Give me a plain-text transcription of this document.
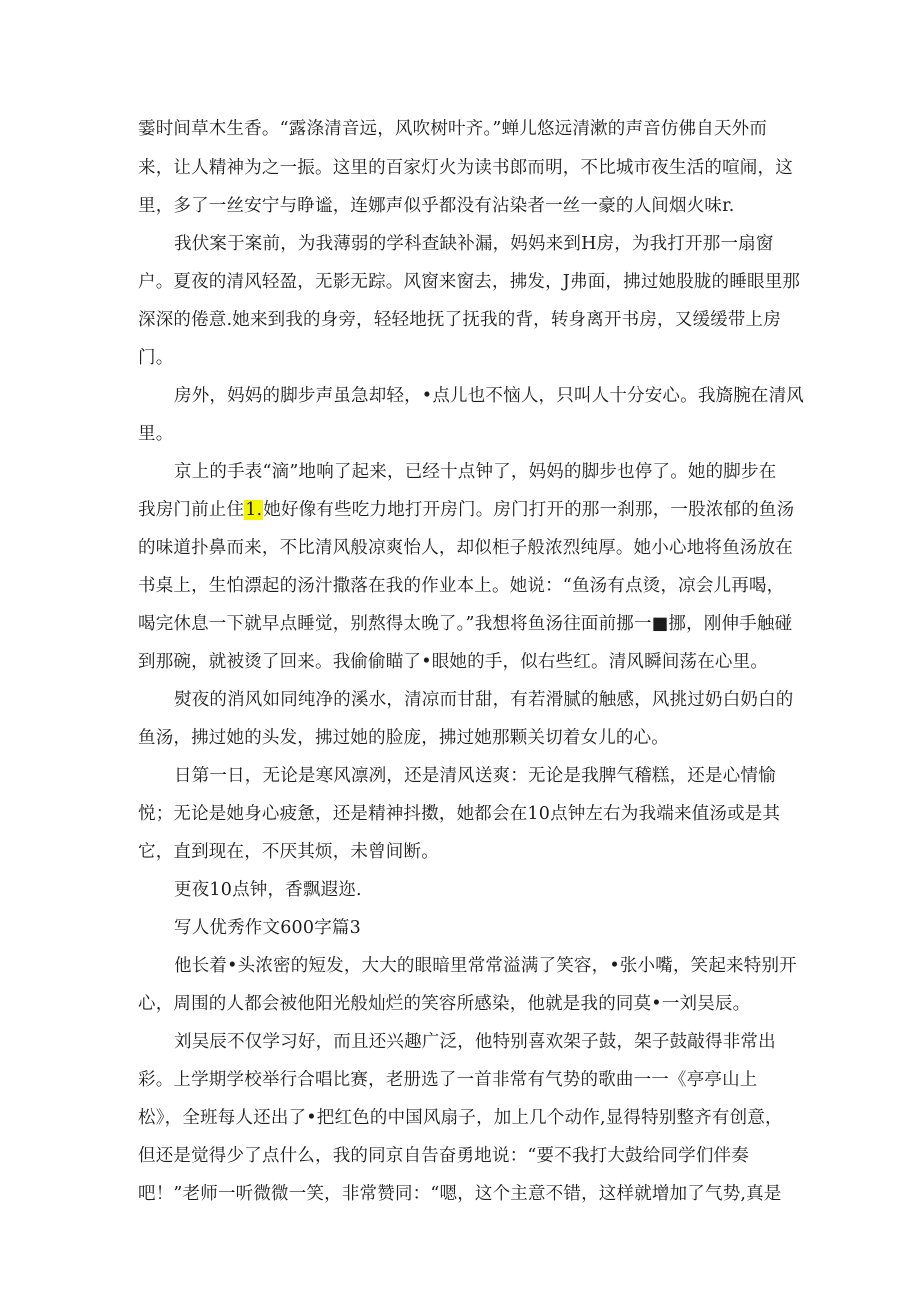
霎时间草木生香。“露涤清音远，风吹树叶齐。”蝉儿悠远清漱的声音仿佛自天外而
来，让人精神为之一振。这里的百家灯火为读书郎而明，不比城市夜生活的喧闹，这
里，多了一丝安宁与睁谧，连娜声似乎都没有沾染者一丝一豪的人间烟火味r.
我伏案于案前，为我薄弱的学科查缺补漏，妈妈来到H房，为我打开那一扇窗
户。夏夜的清风轻盈，无影无踪。风窗来窗去，拂发，J弗面，拂过她股胧的睡眼里那
深深的倦意.她来到我的身旁，轻轻地抚了抚我的背，转身离开书房，又缓缓带上房
门。
房外，妈妈的脚步声虽急却轻，•点儿也不恼人，只叫人十分安心。我旖腕在清风
里。
京上的手表“滴”地响了起来，已经十点钟了，妈妈的脚步也停了。她的脚步在
我房门前止住1.她好像有些吃力地打开房门。房门打开的那一刹那，一股浓郁的鱼汤
的味道扑鼻而来，不比清风般凉爽怡人，却似柜子般浓烈纯厚。她小心地将鱼汤放在
书桌上，生怕漂起的汤汁撒落在我的作业本上。她说：“鱼汤有点烫，凉会儿再喝，
喝完休息一下就早点睡觉，别熬得太晚了。”我想将鱼汤往面前挪一■挪，刚伸手触碰
到那碗，就被烫了回来。我偷偷瞄了•眼她的手，似右些红。清风瞬间荡在心里。
熨夜的消风如同纯净的溪水，清凉而甘甜，有若滑腻的触感，风挑过奶白奶白的
鱼汤，拂过她的头发，拂过她的脸庞，拂过她那颗关切着女儿的心。
日第一日，无论是寒风凛冽，还是清风送爽：无论是我脾气稽糕，还是心情愉
悦；无论是她身心疲惫，还是精神抖擞，她都会在10点钟左右为我端来值汤或是其
它，直到现在，不厌其烦，未曾间断。
更夜10点钟，香飘遐迩.
写人优秀作文600字篇3
他长着•头浓密的短发，大大的眼暗里常常溢满了笑容，•张小嘴，笑起来特别开
心，周围的人都会被他阳光般灿烂的笑容所感染，他就是我的同莫•一刘吴辰。
刘吴辰不仅学习好，而且还兴趣广泛，他特别喜欢架子鼓，架子鼓敲得非常出
彩。上学期学校举行合唱比赛，老册选了一首非常有气势的歌曲一一《亭亭山上
松》，全班每人还出了•把红色的中国风扇子，加上几个动作,显得特别整齐有创意，
但还是觉得少了点什么，我的同京自告奋勇地说：“要不我打大鼓给同学们伴奏
吧！”老师一听微微一笑，非常赞同：“嗯，这个主意不错，这样就增加了气势,真是
